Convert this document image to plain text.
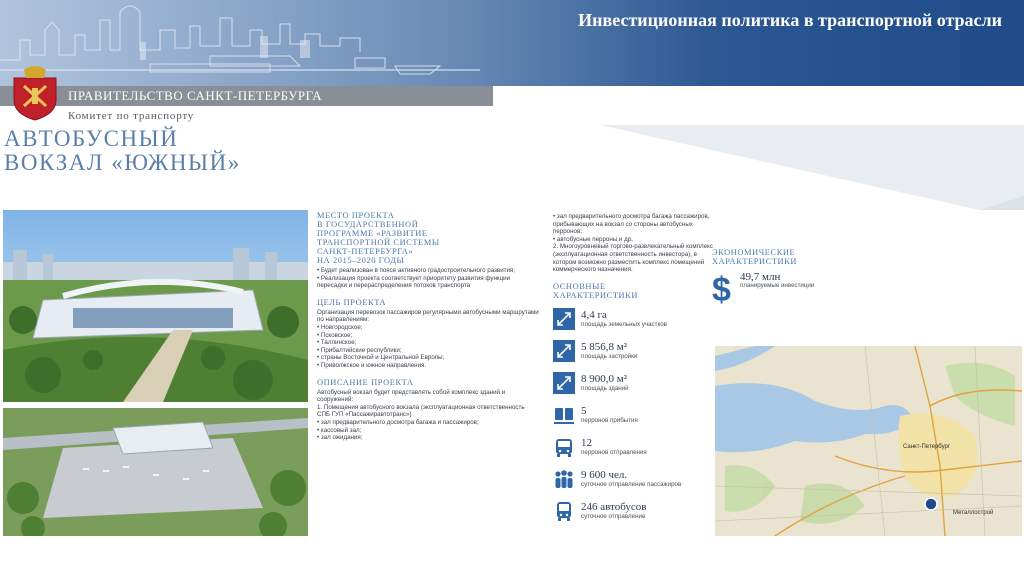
Инвестиционная политика в транспортной отрасли
ПРАВИТЕЛЬСТВО САНКТ-ПЕТЕРБУРГА
Комитет по транспорту
АВТОБУСНЫЙ
ВОКЗАЛ «ЮЖНЫЙ»
МЕСТО ПРОЕКТА
В ГОСУДАРСТВЕННОЙ
ПРОГРАММЕ «РАЗВИТИЕ
ТРАНСПОРТНОЙ СИСТЕМЫ
САНКТ-ПЕТЕРБУРГА»
НА 2015–2020 ГОДЫ
• Будет реализован в поясе активного градостроительного развития;
• Реализация проекта соответствует приоритету развития функции пересадки и перераспределения потоков транспорта
ЦЕЛЬ ПРОЕКТА
Организация перевозок пассажиров регулярными автобусными маршрутами по направлениям:
• Новгородское;
• Псковское;
• Таллинское;
• Прибалтийские республики;
• страны Восточной и Центральной Европы;
• Приволжское и южное направления.
ОПИСАНИЕ ПРОЕКТА
Автобусный вокзал будет представлять собой комплекс зданий и сооружений:
1. Помещения автобусного вокзала (эксплуатационная ответственность СПБ ГУП «Пассажиравтотранс»)
• зал предварительного досмотра багажа и пассажиров;
• кассовый зал;
• зал ожидания;
• зал предварительного досмотра багажа пассажиров, прибывающих на вокзал со стороны автобусных перронов;
• автобусные перроны и др.
2. Многоуровневый торгово-развлекательный комплекс (эксплуатационная ответственность инвестора), в котором возможно разместить комплекс помещений коммерческого назначения.
ОСНОВНЫЕ
ХАРАКТЕРИСТИКИ
4,4 га
площадь земельных участков
5 856,8 м²
площадь застройки
8 900,0 м²
площадь зданий
5
перронов прибытия
12
перронов отправления
9 600 чел.
суточное отправление пассажиров
246 автобусов
суточное отправление
ЭКОНОМИЧЕСКИЕ
ХАРАКТЕРИСТИКИ
$ 49,7 млн
планируемые инвестиции
Санкт-Петербург
Металлострой
